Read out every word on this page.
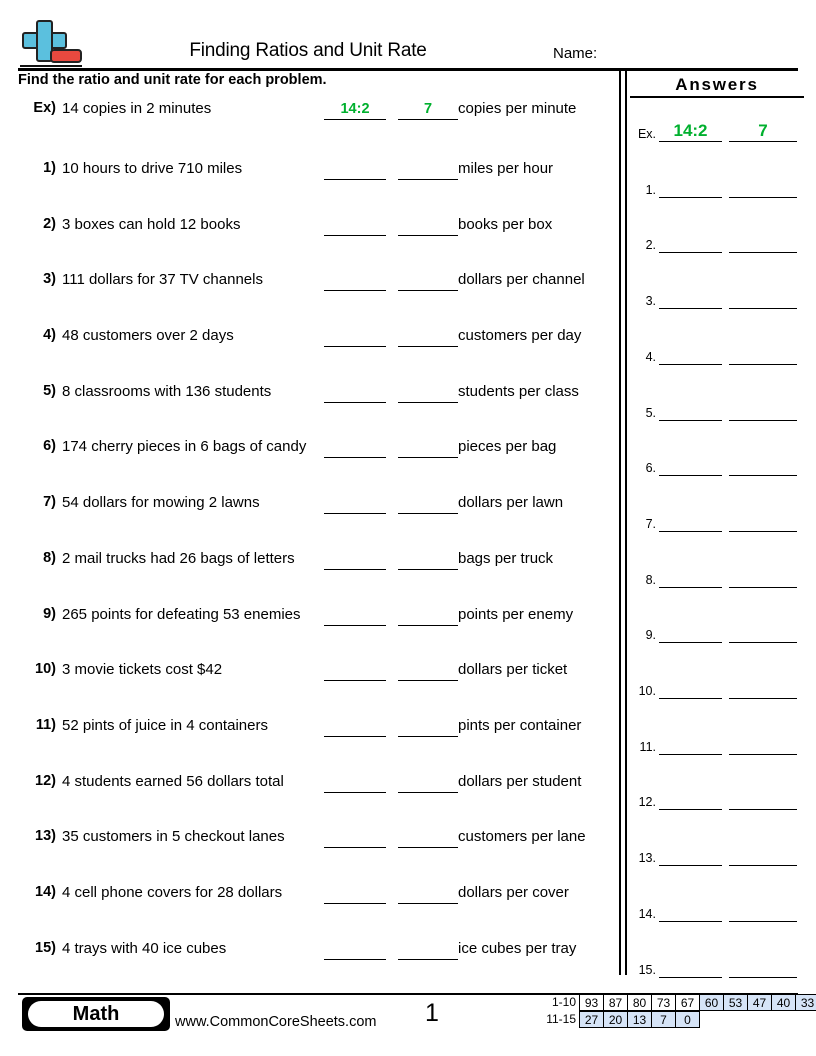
Finding Ratios and Unit Rate	Name:
Find the ratio and unit rate for each problem.
Ex) 14 copies in 2 minutes	14:2	7	copies per minute
1) 10 hours to drive 710 miles	miles per hour
2) 3 boxes can hold 12 books	books per box
3) 111 dollars for 37 TV channels	dollars per channel
4) 48 customers over 2 days	customers per day
5) 8 classrooms with 136 students	students per class
6) 174 cherry pieces in 6 bags of candy	pieces per bag
7) 54 dollars for mowing 2 lawns	dollars per lawn
8) 2 mail trucks had 26 bags of letters	bags per truck
9) 265 points for defeating 53 enemies	points per enemy
10) 3 movie tickets cost $42	dollars per ticket
11) 52 pints of juice in 4 containers	pints per container
12) 4 students earned 56 dollars total	dollars per student
13) 35 customers in 5 checkout lanes	customers per lane
14) 4 cell phone covers for 28 dollars	dollars per cover
15) 4 trays with 40 ice cubes	ice cubes per tray
Answers
Ex.	14:2	7
1.
2.
3.
4.
5.
6.
7.
8.
9.
10.
11.
12.
13.
14.
15.
Math	www.CommonCoreSheets.com 1	1-10 93 87 80 73 67 60 53 47 40 33
11-15 27 20 13	7	0
